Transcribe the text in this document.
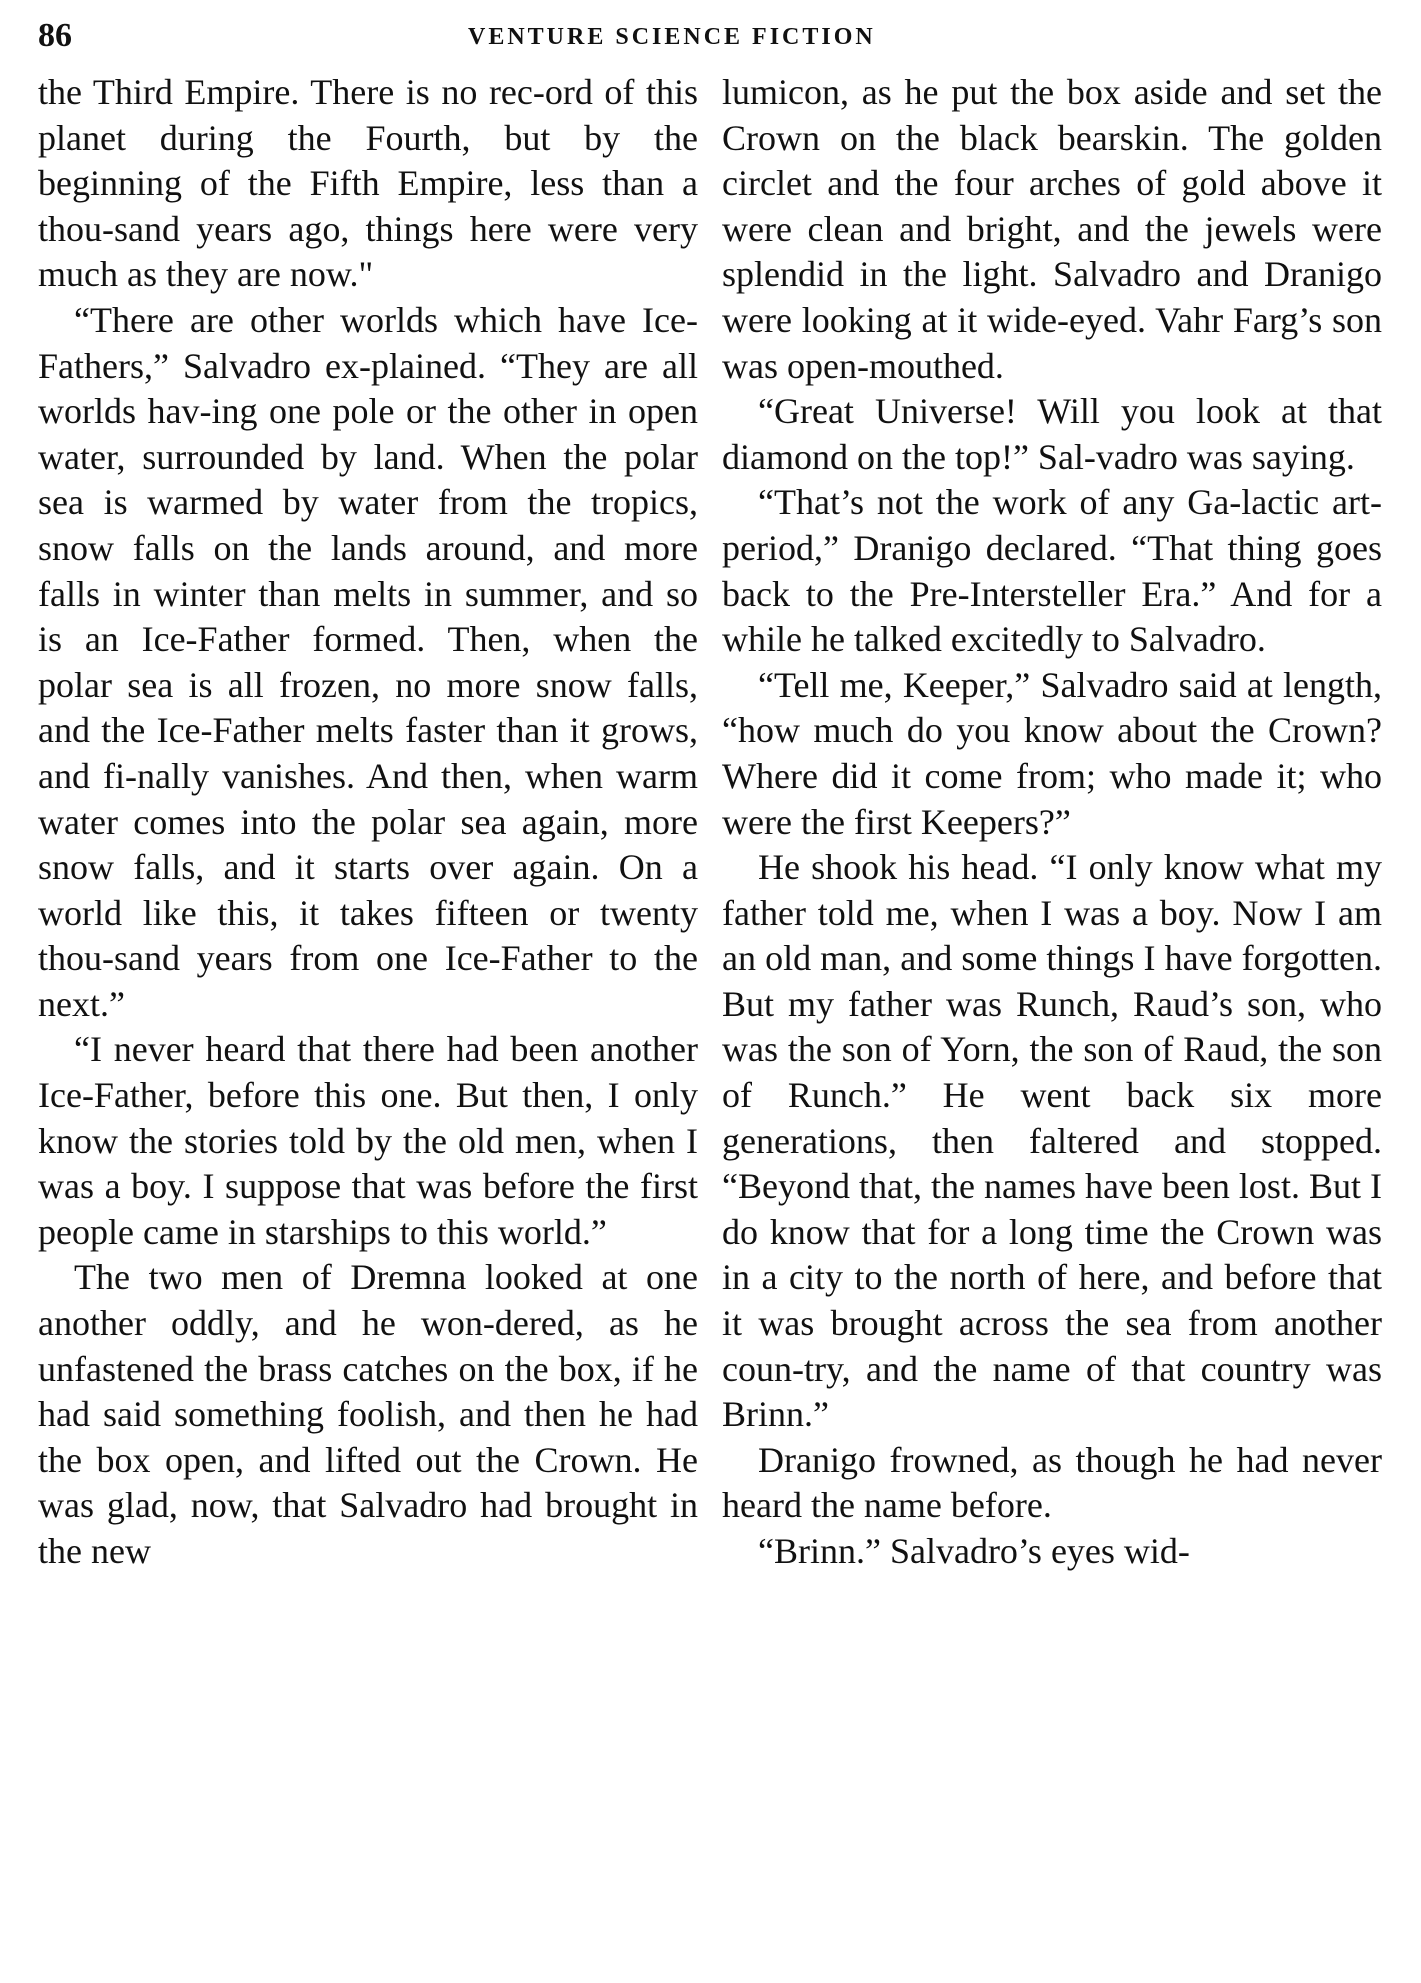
86	VENTURE SCIENCE FICTION

the Third Empire. There is no rec-ord of this planet during the Fourth, but by the beginning of the Fifth Empire, less than a thou-sand years ago, things here were very much as they are now."

“There are other worlds which have Ice-Fathers,” Salvadro ex-plained. “They are all worlds hav-ing one pole or the other in open water, surrounded by land. When the polar sea is warmed by water from the tropics, snow falls on the lands around, and more falls in winter than melts in summer, and so is an Ice-Father formed. Then, when the polar sea is all frozen, no more snow falls, and the Ice-Father melts faster than it grows, and fi-nally vanishes. And then, when warm water comes into the polar sea again, more snow falls, and it starts over again. On a world like this, it takes fifteen or twenty thou-sand years from one Ice-Father to the next.”

“I never heard that there had been another Ice-Father, before this one. But then, I only know the stories told by the old men, when I was a boy. I suppose that was before the first people came in starships to this world.”

The two men of Dremna looked at one another oddly, and he won-dered, as he unfastened the brass catches on the box, if he had said something foolish, and then he had the box open, and lifted out the Crown. He was glad, now, that Salvadro had brought in the new

lumicon, as he put the box aside and set the Crown on the black bearskin. The golden circlet and the four arches of gold above it were clean and bright, and the jewels were splendid in the light. Salvadro and Dranigo were looking at it wide-eyed. Vahr Farg’s son was open-mouthed.

“Great Universe! Will you look at that diamond on the top!” Sal-vadro was saying.

“That’s not the work of any Ga-lactic art-period,” Dranigo declared. “That thing goes back to the Pre-Intersteller Era.” And for a while he talked excitedly to Salvadro.

“Tell me, Keeper,” Salvadro said at length, “how much do you know about the Crown? Where did it come from; who made it; who were the first Keepers?”

He shook his head. “I only know what my father told me, when I was a boy. Now I am an old man, and some things I have forgotten. But my father was Runch, Raud’s son, who was the son of Yorn, the son of Raud, the son of Runch.” He went back six more generations, then faltered and stopped. “Beyond that, the names have been lost. But I do know that for a long time the Crown was in a city to the north of here, and before that it was brought across the sea from another coun-try, and the name of that country was Brinn.”

Dranigo frowned, as though he had never heard the name before.

“Brinn.” Salvadro’s eyes wid-
